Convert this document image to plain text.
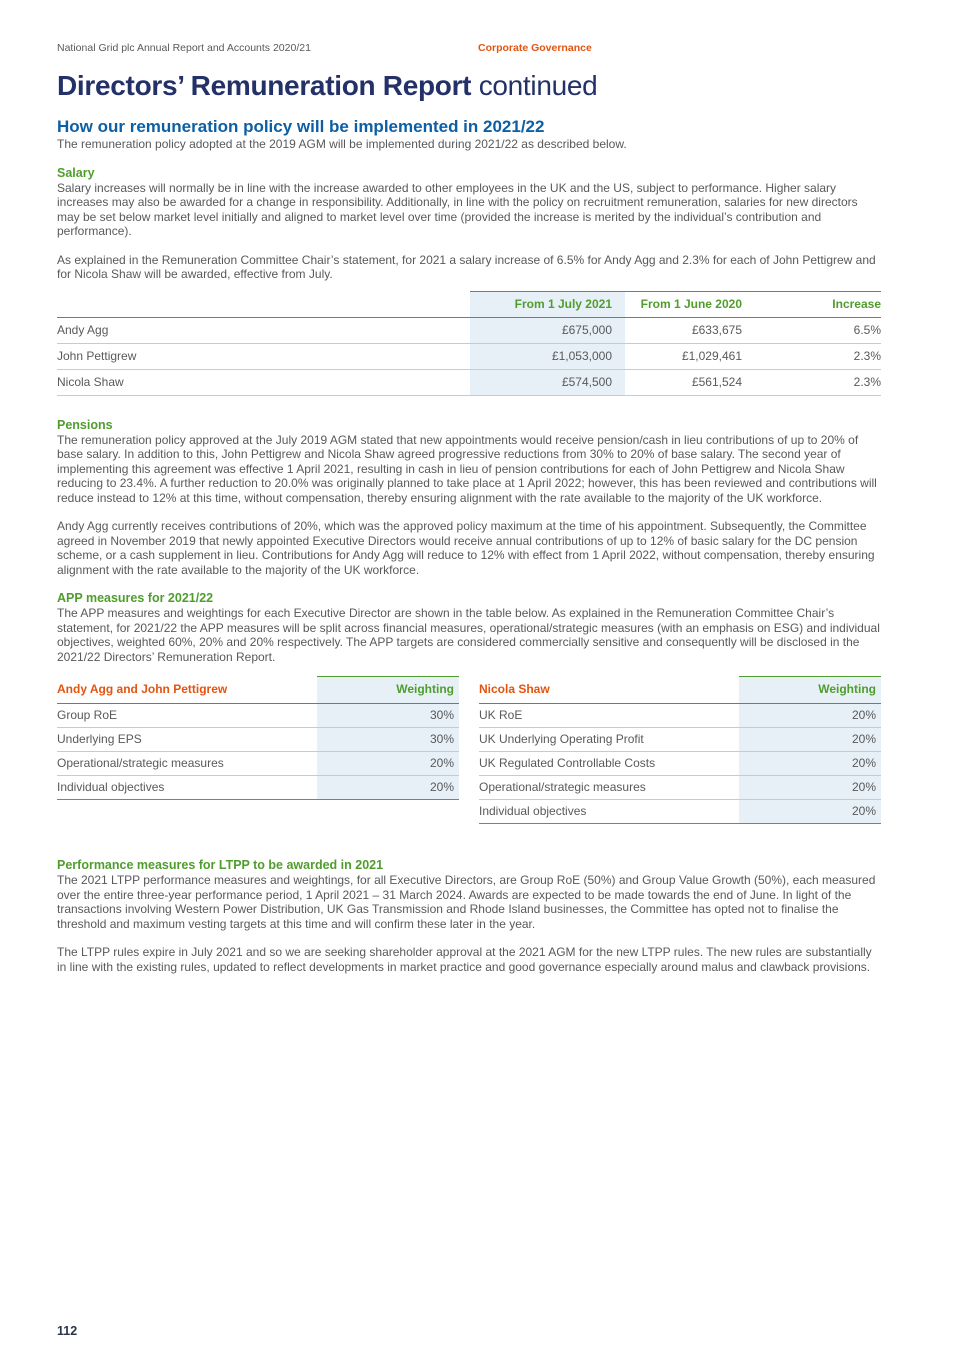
National Grid plc Annual Report and Accounts 2020/21	Corporate Governance
Directors’ Remuneration Report continued
How our remuneration policy will be implemented in 2021/22

The remuneration policy adopted at the 2019 AGM will be implemented during 2021/22 as described below.

Salary

Salary increases will normally be in line with the increase awarded to other employees in the UK and the US, subject to performance. Higher salary increases may also be awarded for a change in responsibility. Additionally, in line with the policy on recruitment remuneration, salaries for new directors may be set below market level initially and aligned to market level over time (provided the increase is merited by the individual’s contribution and performance).

As explained in the Remuneration Committee Chair’s statement, for 2021 a salary increase of 6.5% for Andy Agg and 2.3% for each of John Pettigrew and for Nicola Shaw will be awarded, effective from July.

	From 1 July 2021	From 1 June 2020	Increase
Andy Agg	£675,000	£633,675	6.5%
John Pettigrew	£1,053,000	£1,029,461	2.3%
Nicola Shaw	£574,500	£561,524	2.3%
Pensions

The remuneration policy approved at the July 2019 AGM stated that new appointments would receive pension/cash in lieu contributions of up to 20% of base salary. In addition to this, John Pettigrew and Nicola Shaw agreed progressive reductions from 30% to 20% of base salary. The second year of implementing this agreement was effective 1 April 2021, resulting in cash in lieu of pension contributions for each of John Pettigrew and Nicola Shaw reducing to 23.4%. A further reduction to 20.0% was originally planned to take place at 1 April 2022; however, this has been reviewed and contributions will reduce instead to 12% at this time, without compensation, thereby ensuring alignment with the rate available to the majority of the UK workforce.

Andy Agg currently receives contributions of 20%, which was the approved policy maximum at the time of his appointment. Subsequently, the Committee agreed in November 2019 that newly appointed Executive Directors would receive annual contributions of up to 12% of basic salary for the DC pension scheme, or a cash supplement in lieu. Contributions for Andy Agg will reduce to 12% with effect from 1 April 2022, without compensation, thereby ensuring alignment with the rate available to the majority of the UK workforce.

APP measures for 2021/22

The APP measures and weightings for each Executive Director are shown in the table below. As explained in the Remuneration Committee Chair’s statement, for 2021/22 the APP measures will be split across financial measures, operational/strategic measures (with an emphasis on ESG) and individual objectives, weighted 60%, 20% and 20% respectively. The APP targets are considered commercially sensitive and consequently will be disclosed in the 2021/22 Directors’ Remuneration Report.

Andy Agg and John Pettigrew	Weighting
Group RoE	30%
Underlying EPS	30%
Operational/strategic measures	20%
Individual objectives	20%
Nicola Shaw	Weighting
UK RoE	20%
UK Underlying Operating Profit	20%
UK Regulated Controllable Costs	20%
Operational/strategic measures	20%
Individual objectives	20%
Performance measures for LTPP to be awarded in 2021

The 2021 LTPP performance measures and weightings, for all Executive Directors, are Group RoE (50%) and Group Value Growth (50%), each measured over the entire three-year performance period, 1 April 2021 – 31 March 2024. Awards are expected to be made towards the end of June. In light of the transactions involving Western Power Distribution, UK Gas Transmission and Rhode Island businesses, the Committee has opted not to finalise the threshold and maximum vesting targets at this time and will confirm these later in the year.

The LTPP rules expire in July 2021 and so we are seeking shareholder approval at the 2021 AGM for the new LTPP rules. The new rules are substantially in line with the existing rules, updated to reflect developments in market practice and good governance especially around malus and clawback provisions.

112
